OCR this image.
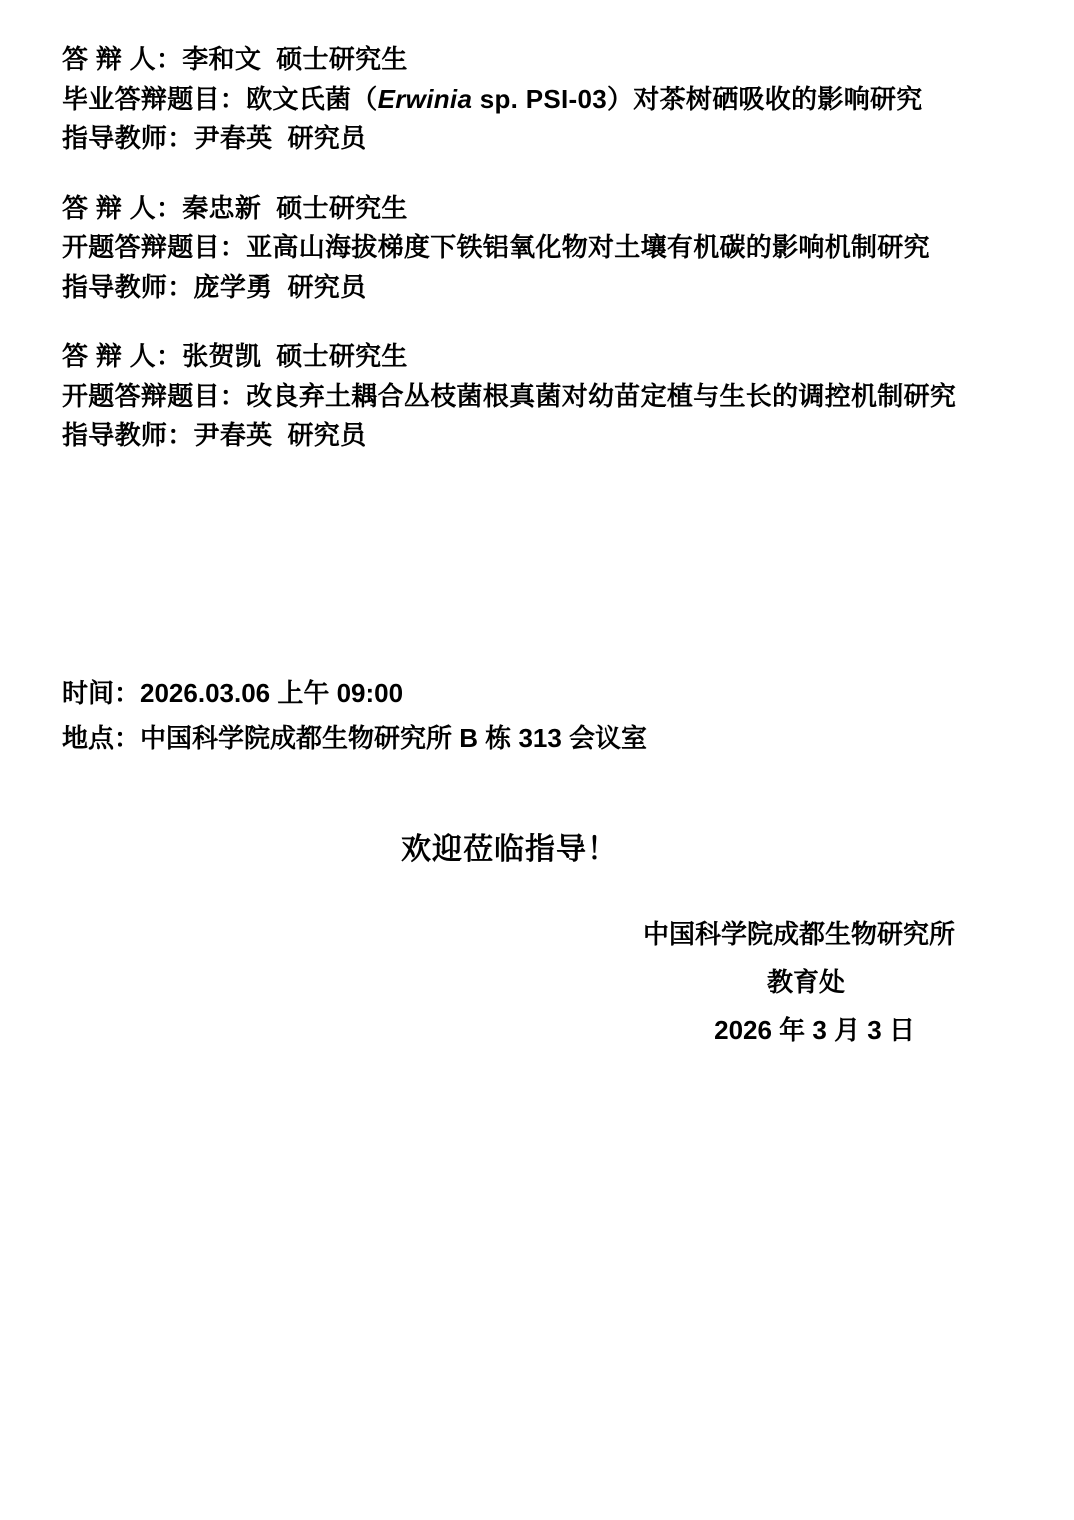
答 辩 人：李和文 硕士研究生
毕业答辩题目：欧文氏菌（Erwinia sp. PSI-03）对茶树硒吸收的影响研究
指导教师：尹春英 研究员
答 辩 人：秦忠新 硕士研究生
开题答辩题目：亚高山海拔梯度下铁铝氧化物对土壤有机碳的影响机制研究
指导教师：庞学勇 研究员
答 辩 人：张贺凯 硕士研究生
开题答辩题目：改良弃土耦合丛枝菌根真菌对幼苗定植与生长的调控机制研究
指导教师：尹春英 研究员
时间：2026.03.06 上午 09:00
地点：中国科学院成都生物研究所 B 栋 313 会议室
欢迎莅临指导！
中国科学院成都生物研究所
教育处
2026 年 3 月 3 日
